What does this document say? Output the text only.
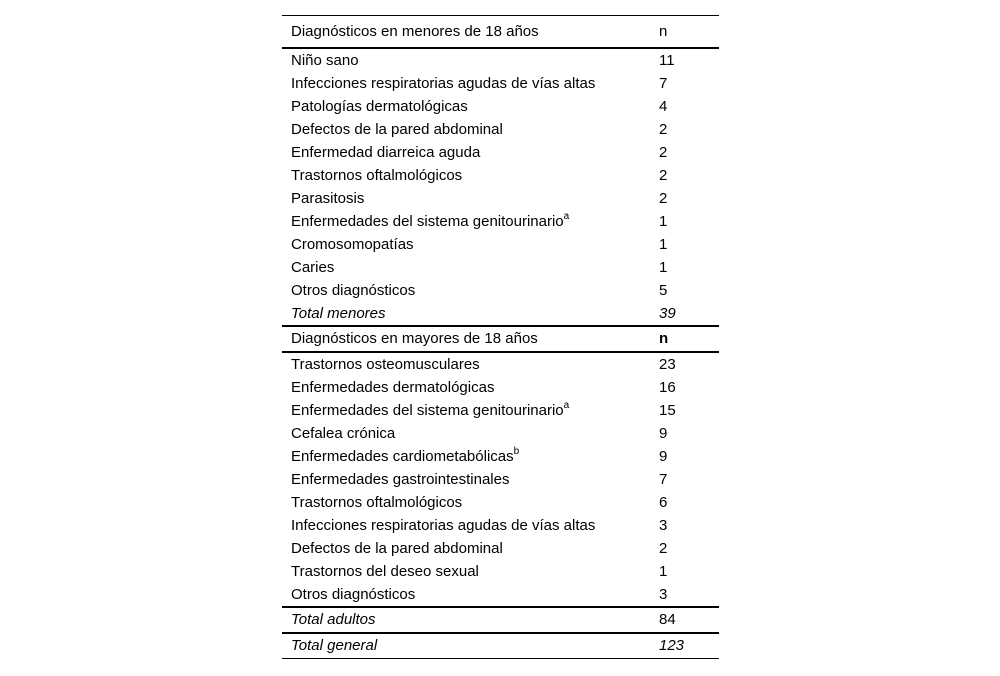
Diagnósticos en menores de 18 años	n
Niño sano	11
Infecciones respiratorias agudas de vías altas	7
Patologías dermatológicas	4
Defectos de la pared abdominal	2
Enfermedad diarreica aguda	2
Trastornos oftalmológicos	2
Parasitosis	2
Enfermedades del sistema genitourinario$^a$	1
Cromosomopatías	1
Caries	1
Otros diagnósticos	5
Total menores	39
Diagnósticos en mayores de 18 años	n
Trastornos osteomusculares	23
Enfermedades dermatológicas	16
Enfermedades del sistema genitourinario$^a$	15
Cefalea crónica	9
Enfermedades cardiometabólicas$^b$	9
Enfermedades gastrointestinales	7
Trastornos oftalmológicos	6
Infecciones respiratorias agudas de vías altas	3
Defectos de la pared abdominal	2
Trastornos del deseo sexual	1
Otros diagnósticos	3
Total adultos	84
Total general	123
